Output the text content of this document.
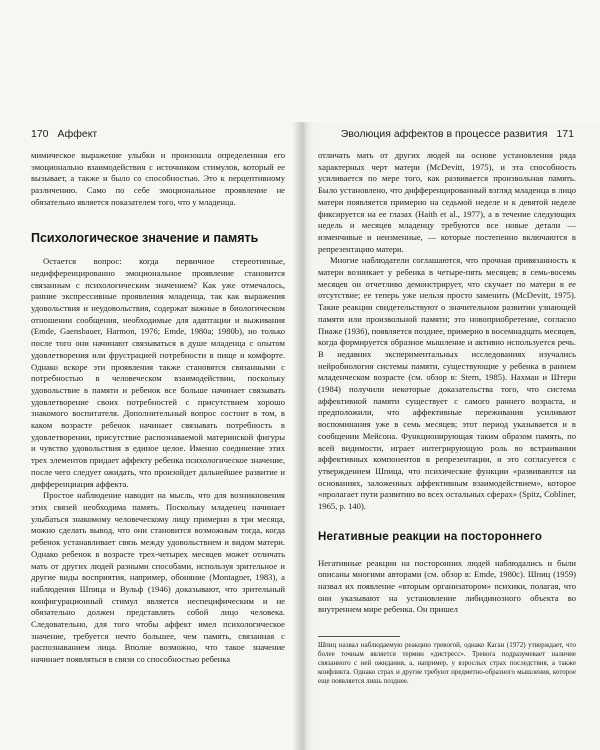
170 Аффект	Эволюция аффектов в процессе развития 171

мимическое выражение улыбки и произошла определенная его эмоционально взаимодействия с источником стимулов, который ее вызывает, а также и было со способностью. Это к перцептивному различению. Само по себе эмоциональное проявление не обязательно является показателем того, что у младенца.

Психологическое значение и память

Остается вопрос: когда первичное стереотипные, недифференцированно эмоциональное проявление становится связанным с психологическим значением? Как уже отмечалось, ранние экспрессивные проявления младенца, так как выражения удовольствия и неудовольствия, содержат важные в биологическом отношении сообщения, необходимые для адаптации и выживания (Emde, Gaensbauer, Harmon, 1976; Emde, 1980a; 1980b), но только после того они начинают связываться в душе младенца с опытом удовлетворения или фрустрацией потребности в пище и комфорте. Однако вскоре эти проявления также становятся связанными с потребностью в человеческом взаимодействии, поскольку удовольствие в памяти и ребенок все больше начинает связывать удовлетворение своих потребностей с присутствием хорошо знакомого воспитателя. Дополнительный вопрос состоит в том, в каком возрасте ребенок начинает связывать потребность в удовлетворении, присутствие распознаваемой материнской фигуры и чувство удовольствия в единое целое. Именно соединение этих трех элементов придает аффекту ребенка психологическое значение, после чего следует ожидать, что произойдет дальнейшее развитие и дифференциация аффекта.

Простое наблюдение наводит на мысль, что для возникновения этих связей необходима память. Поскольку младенец начинает улыбаться знакомому человеческому лицу примерно в три месяца, можно сделать вывод, что они становится возможным тогда, когда ребенок устанавливает связь между удовольствием и видом матери. Однако ребенок в возрасте трех-четырех месяцев может отличать мать от других людей разными способами, используя зрительное и другие виды восприятия, например, обоняние (Montagner, 1983), а наблюдения Шпица и Вульф (1946) доказывают, что зрительный конфигурационный стимул является неспецифическим и не обязательно должен представлять собой лицо человека. Следовательно, для того чтобы аффект имел психологическое значение, требуется нечто большее, чем память, связанная с распознаванием лица. Вполне возможно, что такое значение начинает появляться в связи со способностью ребенка

отличать мать от других людей на основе установления ряда характерных черт матери (McDevitt, 1975), и эта способность усиливается по мере того, как развивается произвольная память. Было установлено, что дифференцированный взгляд младенца в лицо матери появляется примерно на седьмой неделе и к девятой неделе фиксируется на ее глазах (Haith et al., 1977), а в течение следующих недель и месяцев младенцу требуются все новые детали — изменчивые и неизменные, — которые постепенно включаются в репрезентацию матери.

Многие наблюдатели соглашаются, что прочная привязанность к матери возникает у ребенка в четыре-пять месяцев; в семь-восемь месяцев он отчетливо демонстрирует, что скучает по матери в ее отсутствие; ее теперь уже нельзя просто заменить (McDevitt, 1975). Такие реакции свидетельствуют о значительном развитии узнающей памяти или произвольной памяти; это новоприобретение, согласно Пиаже (1936), появляется позднее, примерно в восемнадцать месяцев, когда формируется образное мышление и активно используется речь. В недавних экспериментальных исследованиях изучались нейробиология системы памяти, существующие у ребенка в раннем младенческом возрасте (см. обзор в: Stern, 1985). Нахман и Штерн (1984) получили некоторые доказательства того, что система аффективной памяти существует с самого раннего возраста, и предположили, что аффективные переживания усиливают воспоминания уже в семь месяцев; этот период указывается и в сообщении Мейсона. Функционирующая таким образом память, по всей видимости, играет интегрирующую роль во встраивании аффективных компонентов в репрезентации, и это согласуется с утверждением Шпица, что психические функции «развиваются на основаниях, заложенных аффективным взаимодействием», которое «пролагает пути развитию во всех остальных сферах» (Spitz, Cobliner, 1965, p. 140).

Негативные реакции на постороннего

Негативные реакции на посторонних людей наблюдались и были описаны многими авторами (см. обзор в: Emde, 1980c). Шпиц (1959) назвал их появление «вторым организатором» психики, полагая, что они указывают на установление либидинозного объекта во внутреннем мире ребенка. Он пришел

Шпиц назвал наблюдаемую реакцию тревогой, однако Каган (1972) утверждает, что более точным является термин «дистресс». Тревога подразумевает наличие связанного с ней ожидания, а, например, у взрослых страх последствия, а также конфликта. Однако страх и другие требуют предметно-образного мышления, которое еще появляется лишь позднее.
